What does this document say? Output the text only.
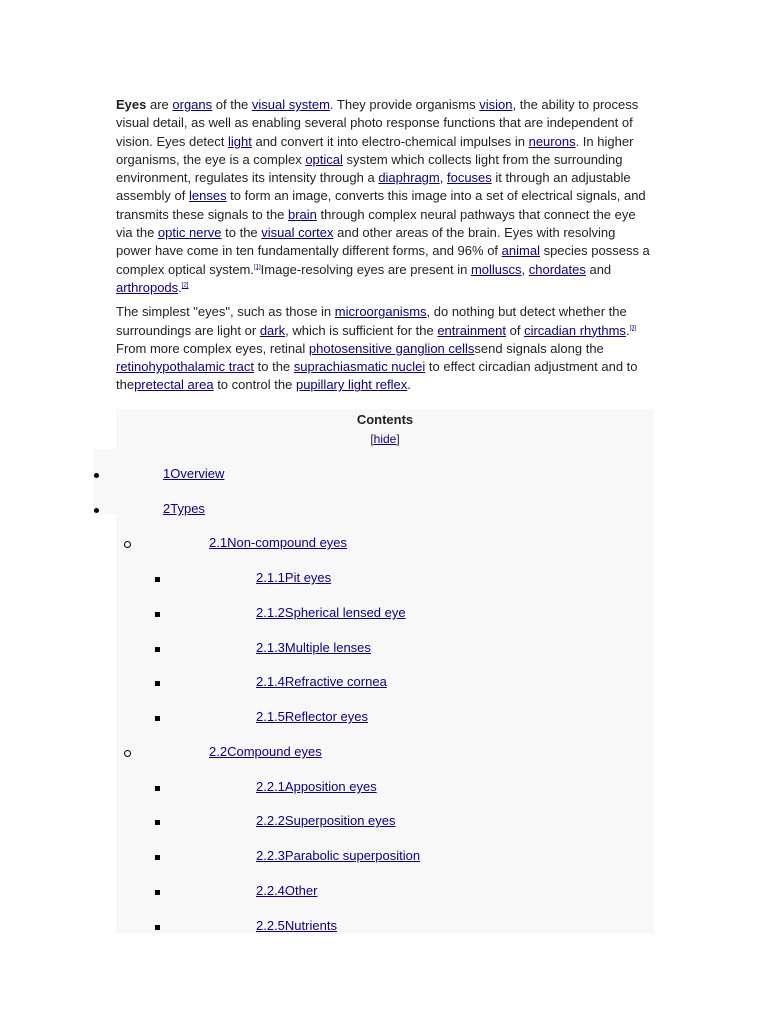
Eyes are organs of the visual system. They provide organisms vision, the ability to process visual detail, as well as enabling several photo response functions that are independent of vision. Eyes detect light and convert it into electro-chemical impulses in neurons. In higher organisms, the eye is a complex optical system which collects light from the surrounding environment, regulates its intensity through a diaphragm, focuses it through an adjustable assembly of lenses to form an image, converts this image into a set of electrical signals, and transmits these signals to the brain through complex neural pathways that connect the eye via the optic nerve to the visual cortex and other areas of the brain. Eyes with resolving power have come in ten fundamentally different forms, and 96% of animal species possess a complex optical system.[1]Image-resolving eyes are present in molluscs, chordates and arthropods.[2]

The simplest "eyes", such as those in microorganisms, do nothing but detect whether the surroundings are light or dark, which is sufficient for the entrainment of circadian rhythms.[3] From more complex eyes, retinal photosensitive ganglion cellssend signals along the retinohypothalamic tract to the suprachiasmatic nuclei to effect circadian adjustment and to thepretectal area to control the pupillary light reflex.

Contents
[hide]
1Overview
2Types
2.1Non-compound eyes
2.1.1Pit eyes
2.1.2Spherical lensed eye
2.1.3Multiple lenses
2.1.4Refractive cornea
2.1.5Reflector eyes
2.2Compound eyes
2.2.1Apposition eyes
2.2.2Superposition eyes
2.2.3Parabolic superposition
2.2.4Other
2.2.5Nutrients
